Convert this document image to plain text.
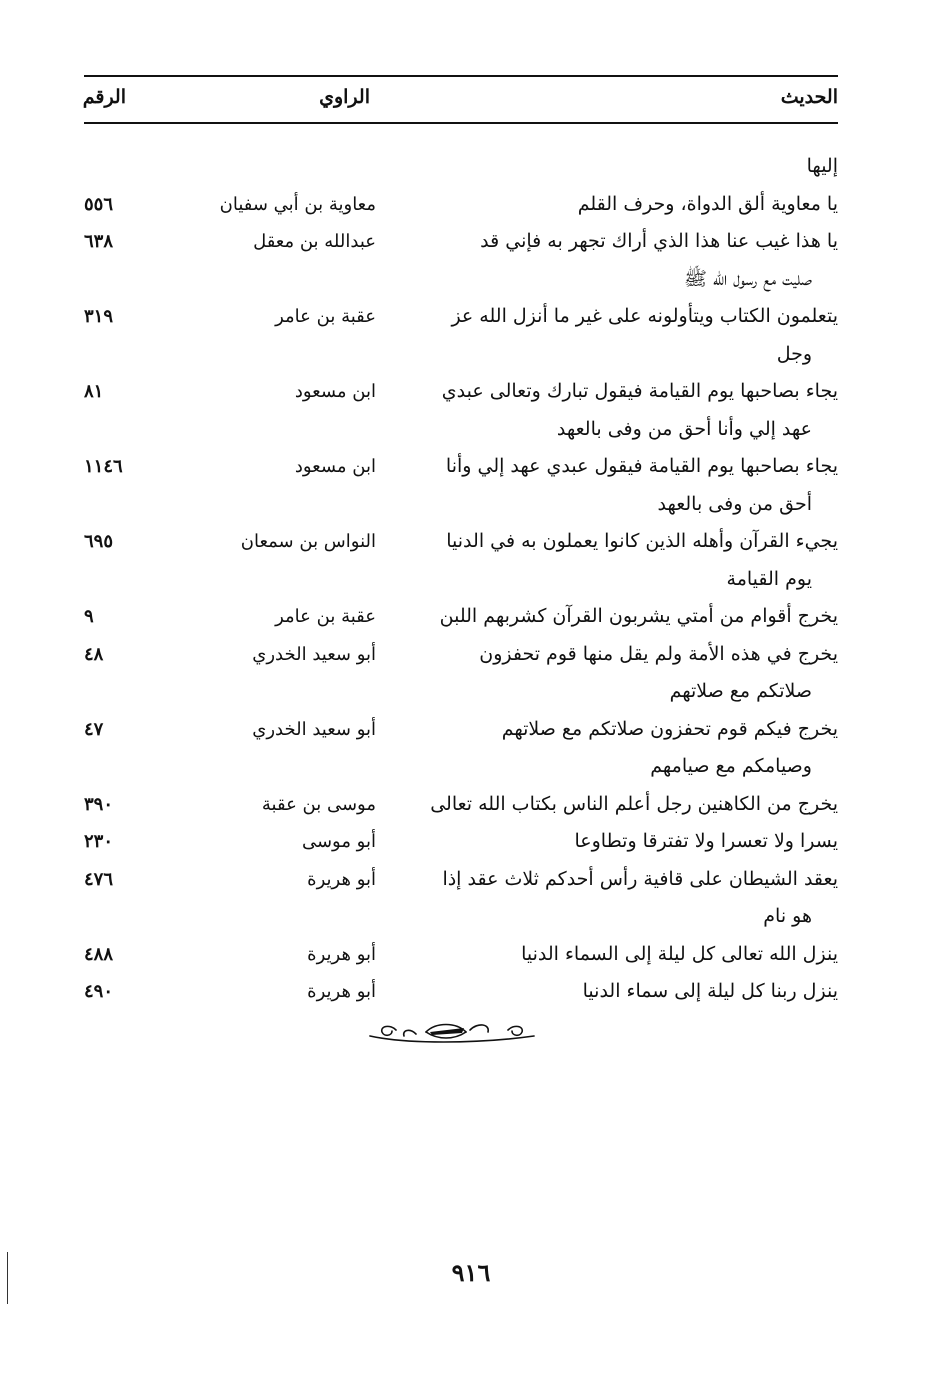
الحديث
الراوي
الرقم
إليها
يا معاوية ألق الدواة، وحرف القلم
معاوية بن أبي سفيان
٥٥٦
يا هذا غيب عنا هذا الذي أراك تجهر به فإني قد
صليت مع رسول الله ﷺ
عبدالله بن معقل
٦٣٨
يتعلمون الكتاب ويتأولونه على غير ما أنزل الله عز
وجل
عقبة بن عامر
٣١٩
يجاء بصاحبها يوم القيامة فيقول تبارك وتعالى عبدي
عهد إلي وأنا أحق من وفى بالعهد
ابن مسعود
٨١
يجاء بصاحبها يوم القيامة فيقول عبدي عهد إلي وأنا
أحق من وفى بالعهد
ابن مسعود
١١٤٦
يجيء القرآن وأهله الذين كانوا يعملون به في الدنيا
يوم القيامة
النواس بن سمعان
٦٩٥
يخرج أقوام من أمتي يشربون القرآن كشربهم اللبن
عقبة بن عامر
٩
يخرج في هذه الأمة ولم يقل منها قوم تحفزون
صلاتكم مع صلاتهم
أبو سعيد الخدري
٤٨
يخرج فيكم قوم تحفزون صلاتكم مع صلاتهم
وصيامكم مع صيامهم
أبو سعيد الخدري
٤٧
يخرج من الكاهنين رجل أعلم الناس بكتاب الله تعالى
موسى بن عقبة
٣٩٠
يسرا ولا تعسرا ولا تفترقا وتطاوعا
أبو موسى
٢٣٠
يعقد الشيطان على قافية رأس أحدكم ثلاث عقد إذا
هو نام
أبو هريرة
٤٧٦
ينزل الله تعالى كل ليلة إلى السماء الدنيا
أبو هريرة
٤٨٨
ينزل ربنا كل ليلة إلى سماء الدنيا
أبو هريرة
٤٩٠
٩١٦
